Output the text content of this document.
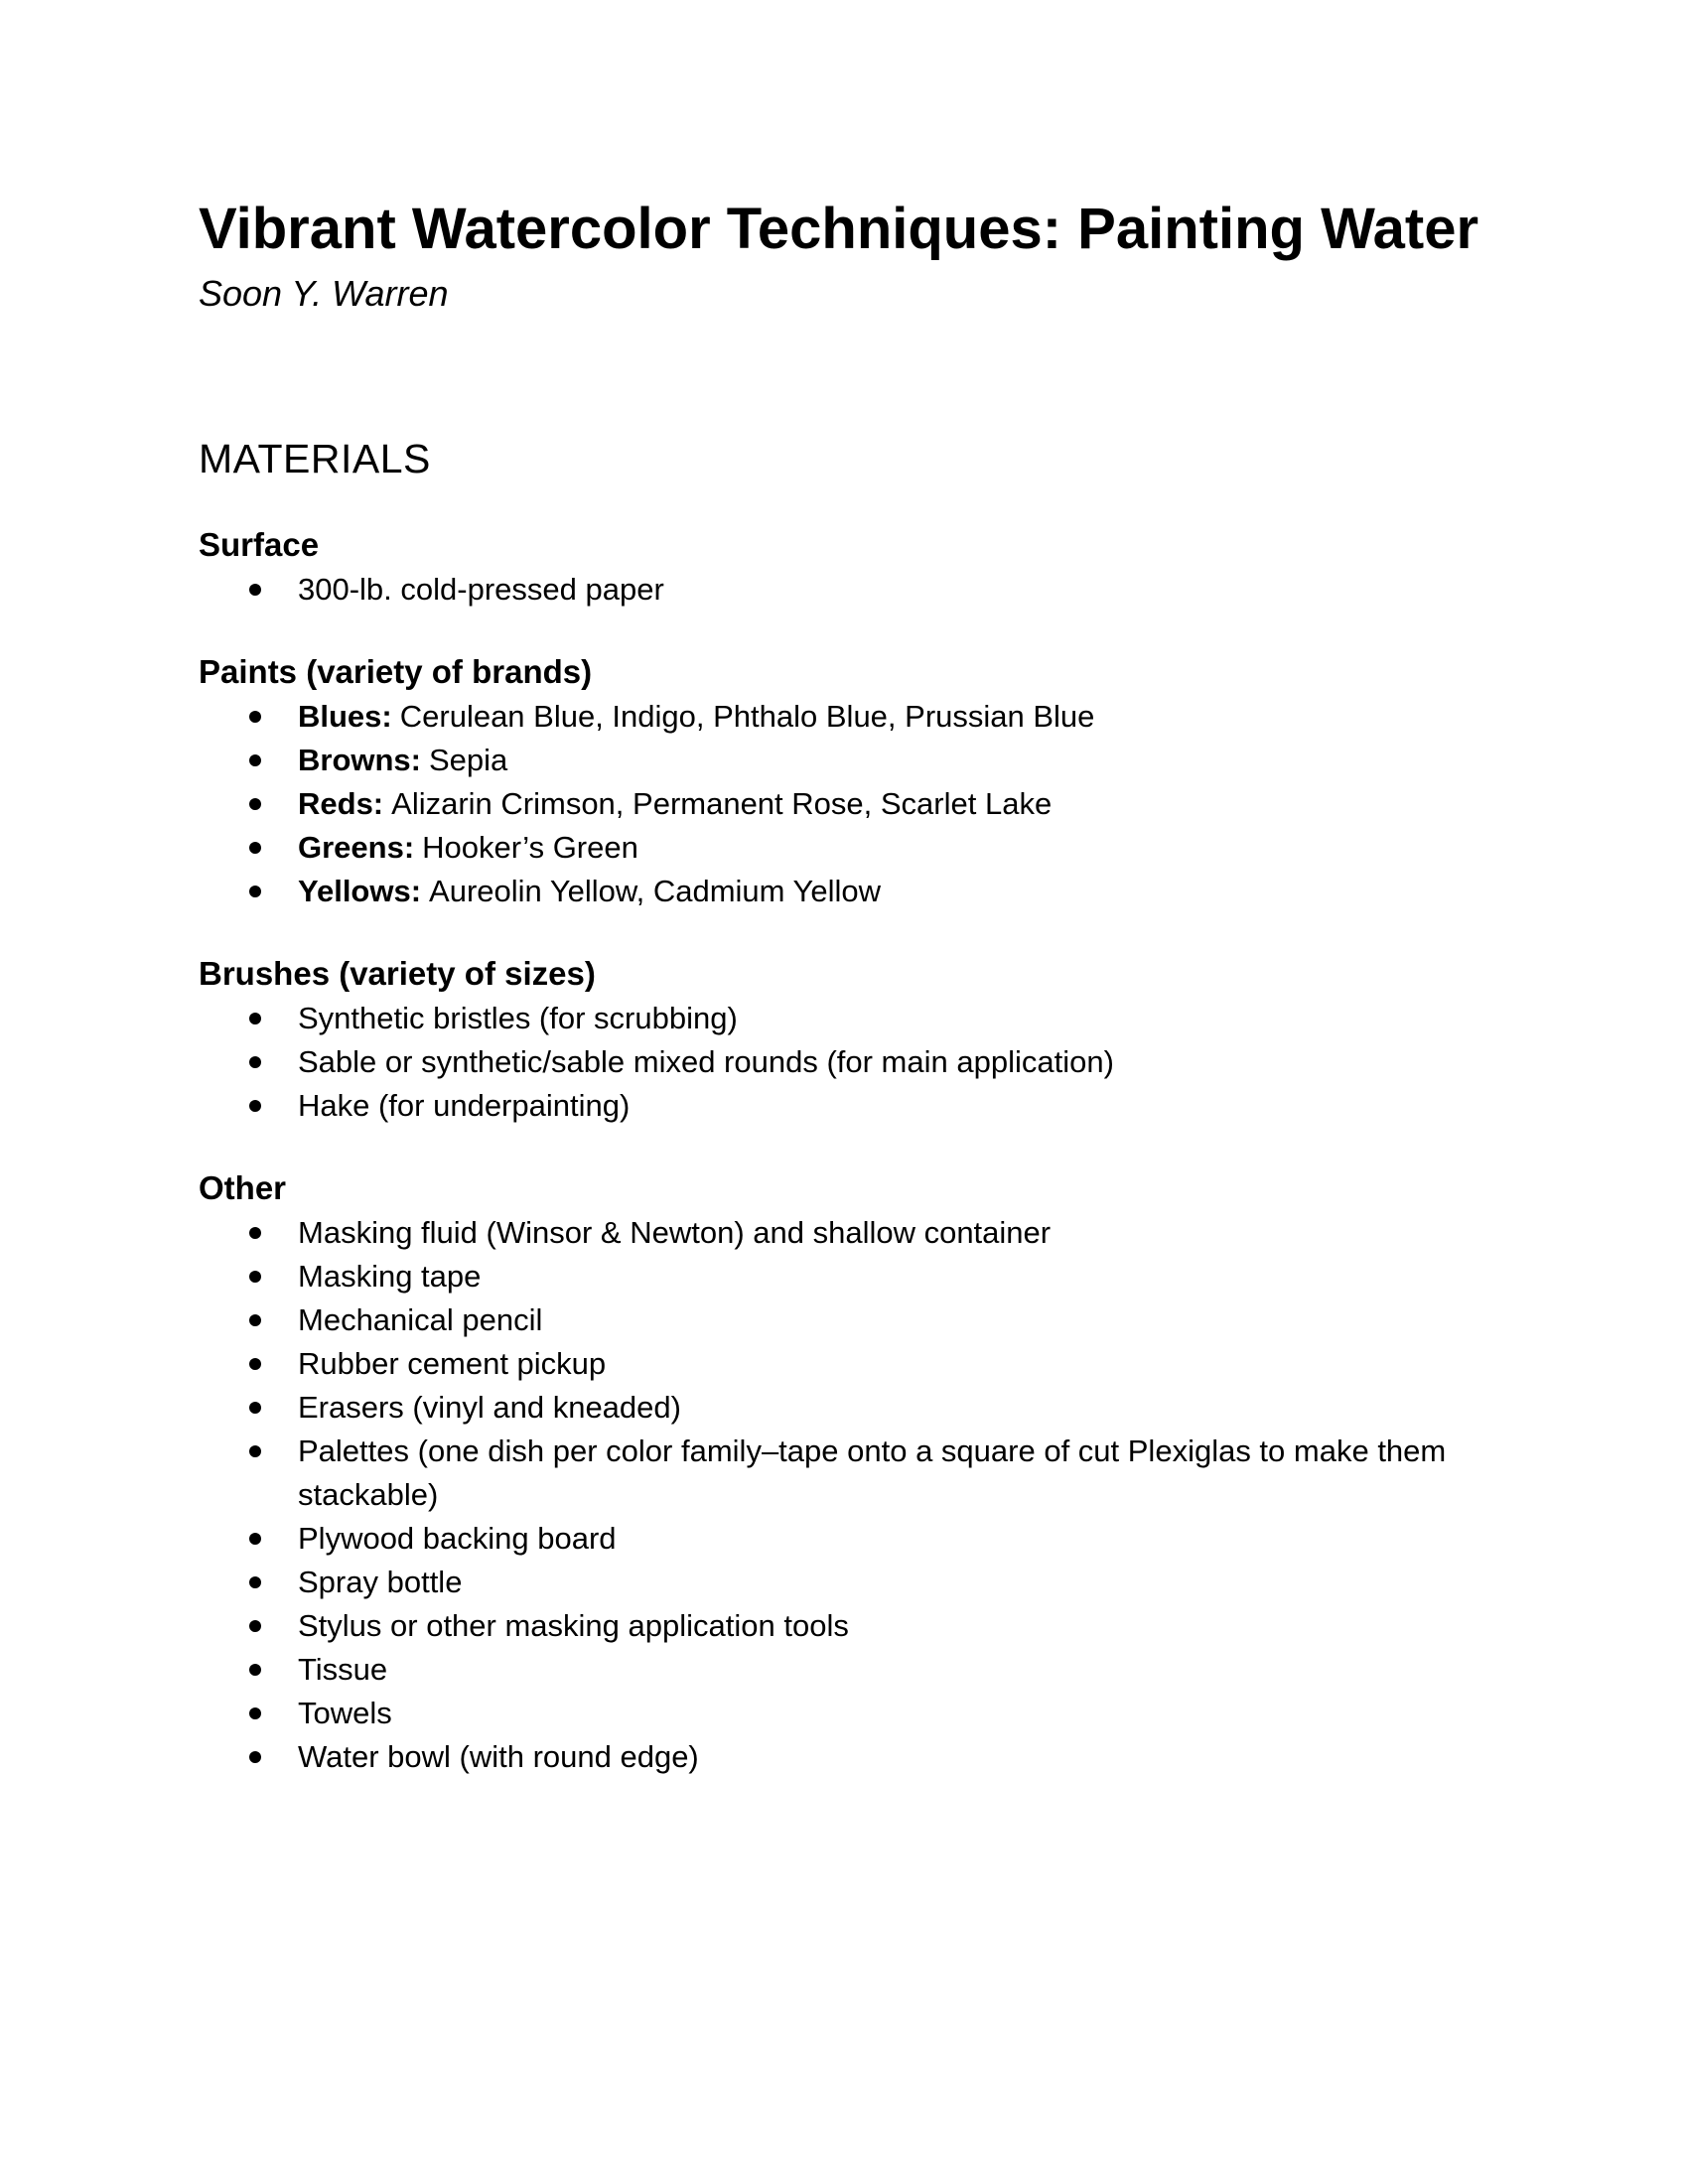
Vibrant Watercolor Techniques: Painting Water
Soon Y. Warren
MATERIALS
Surface
300-lb. cold-pressed paper
Paints (variety of brands)
Blues: Cerulean Blue, Indigo, Phthalo Blue, Prussian Blue
Browns: Sepia
Reds: Alizarin Crimson, Permanent Rose, Scarlet Lake
Greens: Hooker’s Green
Yellows: Aureolin Yellow, Cadmium Yellow
Brushes (variety of sizes)
Synthetic bristles (for scrubbing)
Sable or synthetic/sable mixed rounds (for main application)
Hake (for underpainting)
Other
Masking fluid (Winsor & Newton) and shallow container
Masking tape
Mechanical pencil
Rubber cement pickup
Erasers (vinyl and kneaded)
Palettes (one dish per color family–tape onto a square of cut Plexiglas to make them stackable)
Plywood backing board
Spray bottle
Stylus or other masking application tools
Tissue
Towels
Water bowl (with round edge)
